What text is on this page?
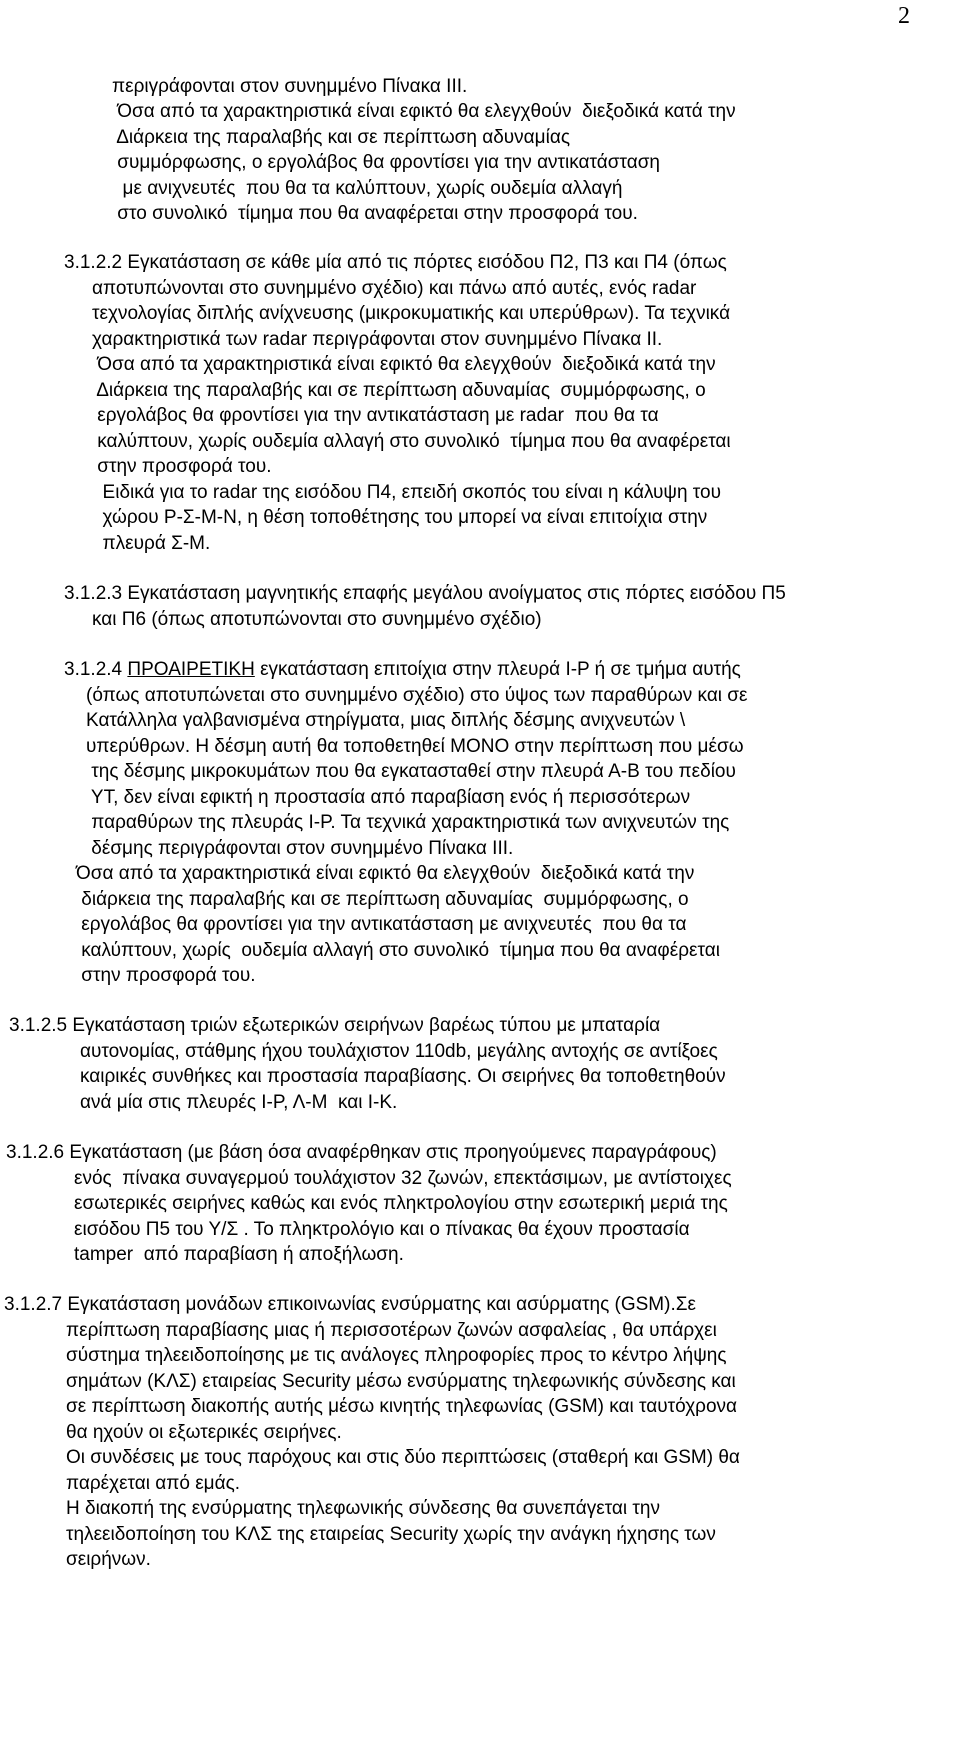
2
περιγράφονται στον συνημμένο Πίνακα ΙΙΙ.
Όσα από τα χαρακτηριστικά είναι εφικτό θα ελεγχθούν  διεξοδικά κατά την
Διάρκεια της παραλαβής και σε περίπτωση αδυναμίας
συμμόρφωσης, ο εργολάβος θα φροντίσει για την αντικατάσταση
με ανιχνευτές  που θα τα καλύπτουν, χωρίς ουδεμία αλλαγή
στο συνολικό  τίμημα που θα αναφέρεται στην προσφορά του.
3.1.2.2 Εγκατάσταση σε κάθε μία από τις πόρτες εισόδου Π2, Π3 και Π4 (όπως
αποτυπώνονται στο συνημμένο σχέδιο) και πάνω από αυτές, ενός radar
τεχνολογίας διπλής ανίχνευσης (μικροκυματικής και υπερύθρων). Τα τεχνικά
χαρακτηριστικά των radar περιγράφονται στον συνημμένο Πίνακα ΙΙ.
Όσα από τα χαρακτηριστικά είναι εφικτό θα ελεγχθούν  διεξοδικά κατά την
Διάρκεια της παραλαβής και σε περίπτωση αδυναμίας  συμμόρφωσης, ο
εργολάβος θα φροντίσει για την αντικατάσταση με radar  που θα τα
καλύπτουν, χωρίς ουδεμία αλλαγή στο συνολικό  τίμημα που θα αναφέρεται
στην προσφορά του.
Ειδικά για το radar της εισόδου Π4, επειδή σκοπός του είναι η κάλυψη του
χώρου Ρ-Σ-Μ-Ν, η θέση τοποθέτησης του μπορεί να είναι επιτοίχια στην
πλευρά Σ-Μ.
3.1.2.3 Εγκατάσταση μαγνητικής επαφής μεγάλου ανοίγματος στις πόρτες εισόδου Π5
και Π6 (όπως αποτυπώνονται στο συνημμένο σχέδιο)
3.1.2.4 ΠΡΟΑΙΡΕΤΙΚΗ εγκατάσταση επιτοίχια στην πλευρά Ι-Ρ ή σε τμήμα αυτής
(όπως αποτυπώνεται στο συνημμένο σχέδιο) στο ύψος των παραθύρων και σε
Κατάλληλα γαλβανισμένα στηρίγματα, μιας διπλής δέσμης ανιχνευτών \
υπερύθρων. Η δέσμη αυτή θα τοποθετηθεί ΜΟΝΟ στην περίπτωση που μέσω
της δέσμης μικροκυμάτων που θα εγκατασταθεί στην πλευρά Α-Β του πεδίου
ΥΤ, δεν είναι εφικτή η προστασία από παραβίαση ενός ή περισσότερων
παραθύρων της πλευράς Ι-Ρ. Τα τεχνικά χαρακτηριστικά των ανιχνευτών της
δέσμης περιγράφονται στον συνημμένο Πίνακα ΙΙΙ.
Όσα από τα χαρακτηριστικά είναι εφικτό θα ελεγχθούν  διεξοδικά κατά την
διάρκεια της παραλαβής και σε περίπτωση αδυναμίας  συμμόρφωσης, ο
εργολάβος θα φροντίσει για την αντικατάσταση με ανιχνευτές  που θα τα
καλύπτουν, χωρίς  ουδεμία αλλαγή στο συνολικό  τίμημα που θα αναφέρεται
στην προσφορά του.
3.1.2.5 Εγκατάσταση τριών εξωτερικών σειρήνων βαρέως τύπου με μπαταρία
αυτονομίας, στάθμης ήχου τουλάχιστον 110db, μεγάλης αντοχής σε αντίξοες
καιρικές συνθήκες και προστασία παραβίασης. Οι σειρήνες θα τοποθετηθούν
ανά μία στις πλευρές Ι-Ρ, Λ-Μ  και Ι-Κ.
3.1.2.6 Εγκατάσταση (με βάση όσα αναφέρθηκαν στις προηγούμενες παραγράφους)
ενός  πίνακα συναγερμού τουλάχιστον 32 ζωνών, επεκτάσιμων, με αντίστοιχες
εσωτερικές σειρήνες καθώς και ενός πληκτρολογίου στην εσωτερική μεριά της
εισόδου Π5 του Υ/Σ . Το πληκτρολόγιο και ο πίνακας θα έχουν προστασία
tamper  από παραβίαση ή αποξήλωση.
3.1.2.7 Εγκατάσταση μονάδων επικοινωνίας ενσύρματης και ασύρματης (GSM).Σε
περίπτωση παραβίασης μιας ή περισσοτέρων ζωνών ασφαλείας , θα υπάρχει
σύστημα τηλεειδοποίησης με τις ανάλογες πληροφορίες προς το κέντρο λήψης
σημάτων (ΚΛΣ) εταιρείας Security μέσω ενσύρματης τηλεφωνικής σύνδεσης και
σε περίπτωση διακοπής αυτής μέσω κινητής τηλεφωνίας (GSM) και ταυτόχρονα
θα ηχούν οι εξωτερικές σειρήνες.
Οι συνδέσεις με τους παρόχους και στις δύο περιπτώσεις (σταθερή και GSM) θα
παρέχεται από εμάς.
Η διακοπή της ενσύρματης τηλεφωνικής σύνδεσης θα συνεπάγεται την
τηλεειδοποίηση του ΚΛΣ της εταιρείας Security χωρίς την ανάγκη ήχησης των
σειρήνων.
